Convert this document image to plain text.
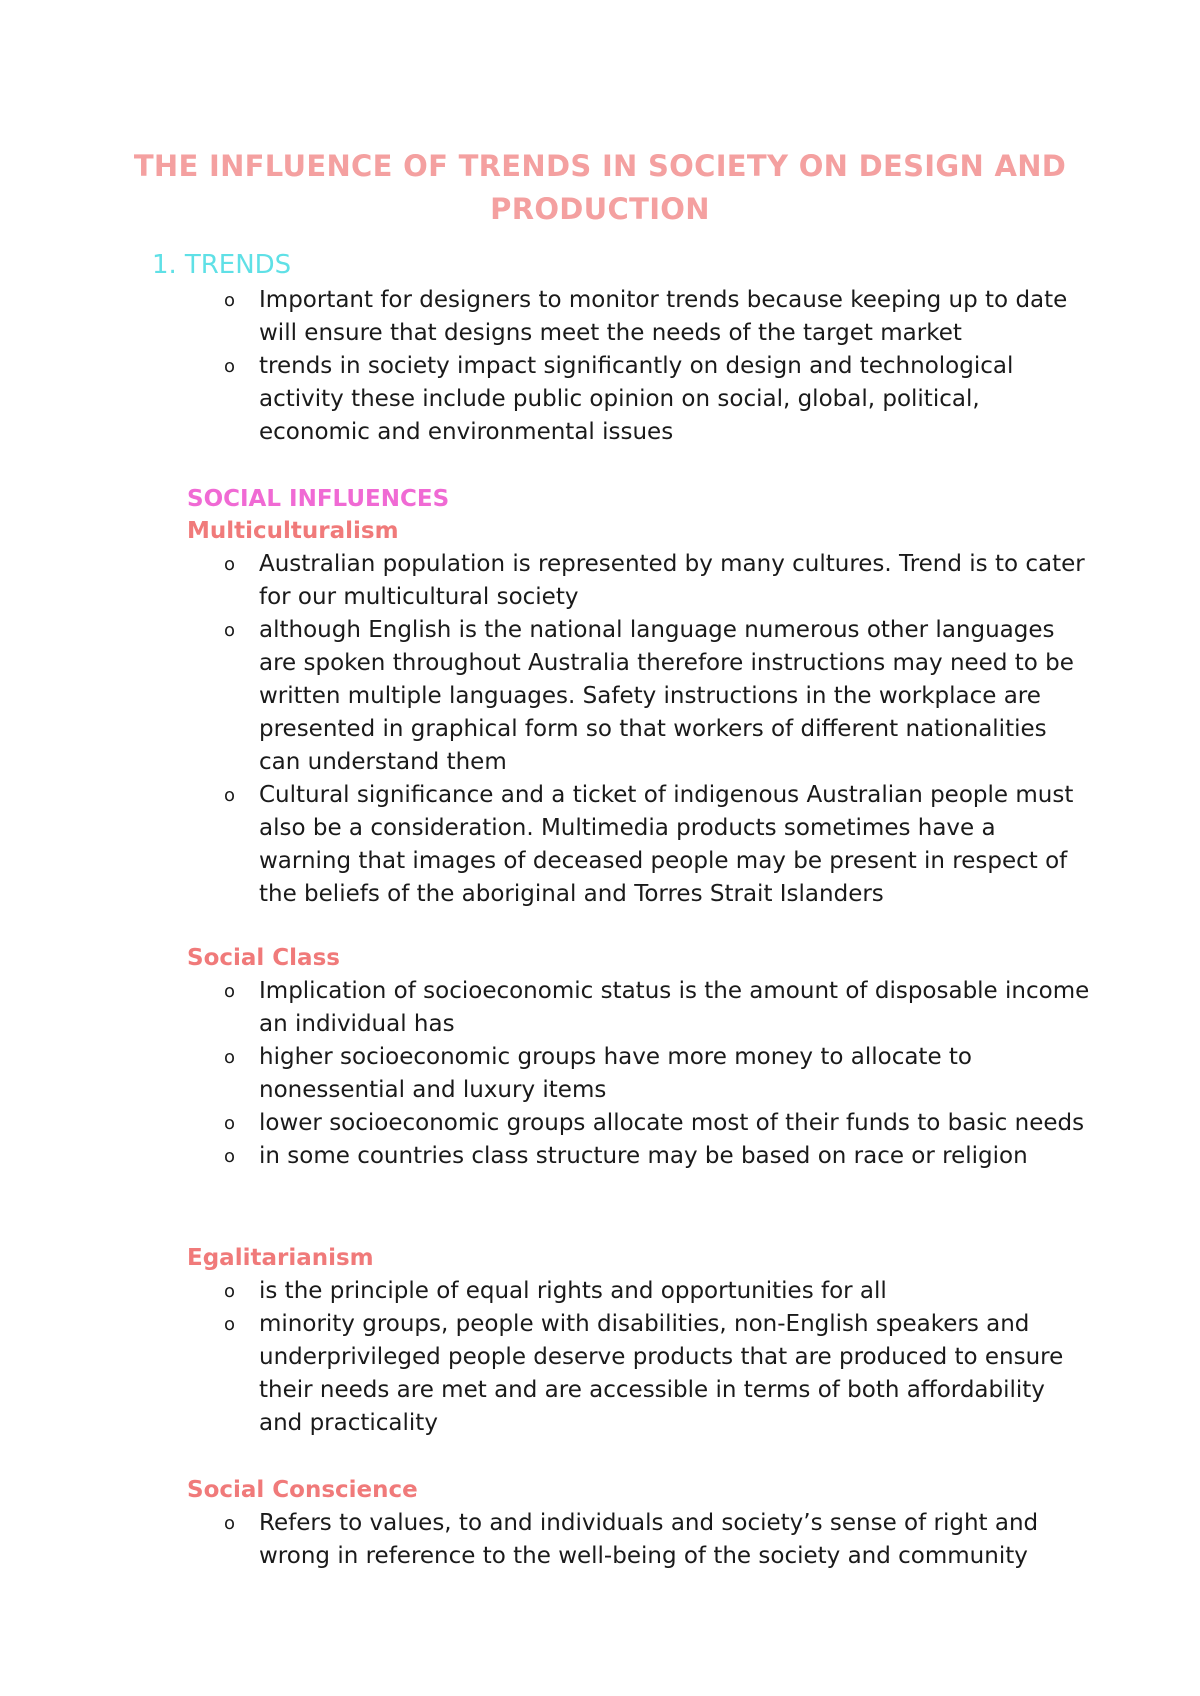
THE INFLUENCE OF TRENDS IN SOCIETY ON DESIGN AND PRODUCTION
1. TRENDS
o Important for designers to monitor trends because keeping up to date will ensure that designs meet the needs of the target market
o trends in society impact significantly on design and technological activity these include public opinion on social, global, political, economic and environmental issues
SOCIAL INFLUENCES
Multiculturalism
o Australian population is represented by many cultures. Trend is to cater for our multicultural society
o although English is the national language numerous other languages are spoken throughout Australia therefore instructions may need to be written multiple languages. Safety instructions in the workplace are presented in graphical form so that workers of different nationalities can understand them
o Cultural significance and a ticket of indigenous Australian people must also be a consideration. Multimedia products sometimes have a warning that images of deceased people may be present in respect of the beliefs of the aboriginal and Torres Strait Islanders
Social Class
o Implication of socioeconomic status is the amount of disposable income an individual has
o higher socioeconomic groups have more money to allocate to nonessential and luxury items
o lower socioeconomic groups allocate most of their funds to basic needs
o in some countries class structure may be based on race or religion
Egalitarianism
o is the principle of equal rights and opportunities for all
o minority groups, people with disabilities, non-English speakers and underprivileged people deserve products that are produced to ensure their needs are met and are accessible in terms of both affordability and practicality
Social Conscience
o Refers to values, to and individuals and society’s sense of right and wrong in reference to the well-being of the society and community
